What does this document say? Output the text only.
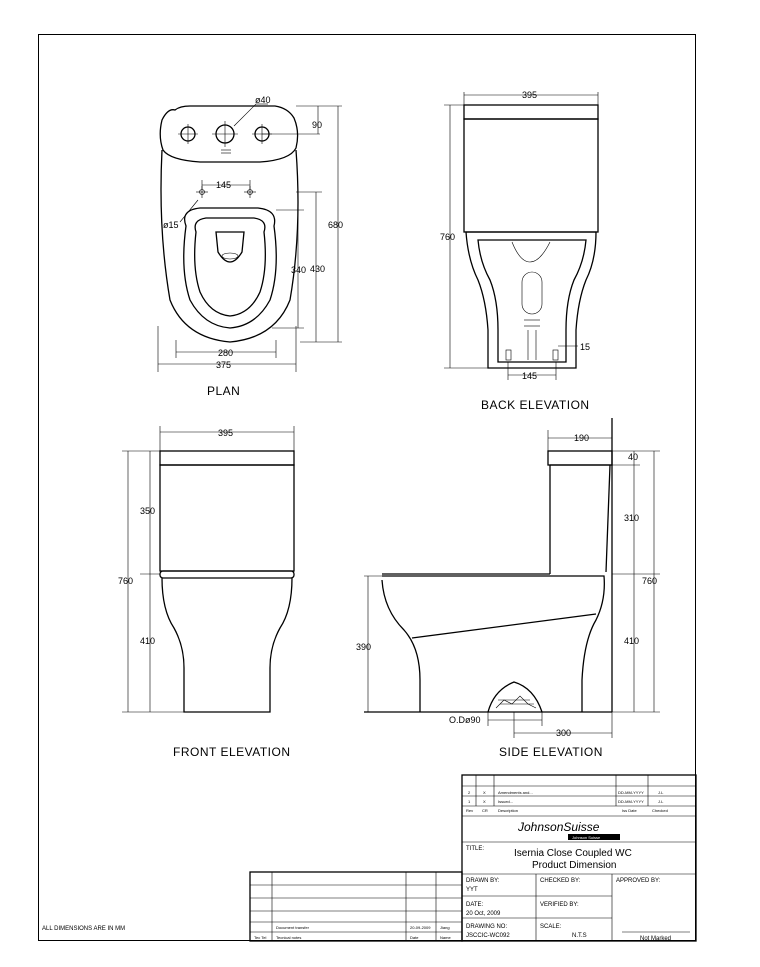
145
ø40
ø15
90
680
430
340
280
375
PLAN
395
760
15
145
BACK ELEVATION
395
760
350
410
FRONT ELEVATION
190
40
310
410
760
390
O.Dø90
300
SIDE ELEVATION
2	X	Amendments and...	DD-MM-YYYY	J.L
1	X	Issued...	DD-MM-YYYY	J.L
Rev CR	Description	Iss Date	Checked
JohnsonSuisse
Johnson Suisse
TITLE:	Isernia Close Coupled WC
Product Dimension
DRAWN BY:
YYT
CHECKED BY:	APPROVED BY:
DATE:
20 Oct, 2009
VERIFIED BY:
DRAWING NO:
JSCCIC-WC092
SCALE:
N.T.S	Not Marked
Document transfer	20-09-2009 Jiang
Tec Tel Tecnical notes	Date	Name
ALL DIMENSIONS ARE IN MM
